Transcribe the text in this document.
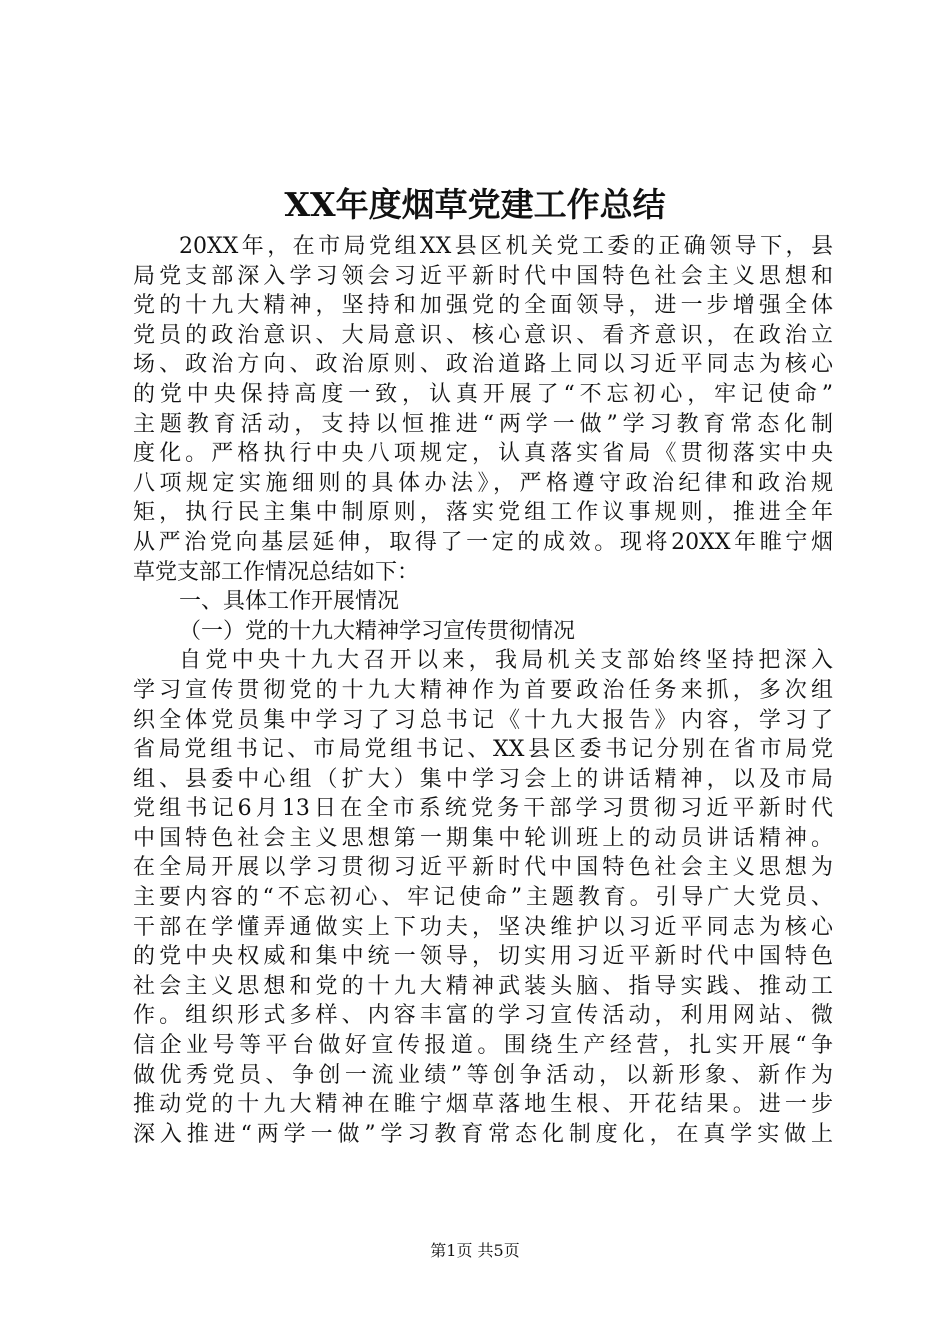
XX年度烟草党建工作总结
20XX年，在市局党组XX县区机关党工委的正确领导下，县
局党支部深入学习领会习近平新时代中国特色社会主义思想和
党的十九大精神，坚持和加强党的全面领导，进一步增强全体
党员的政治意识、大局意识、核心意识、看齐意识，在政治立
场、政治方向、政治原则、政治道路上同以习近平同志为核心
的党中央保持高度一致，认真开展了“不忘初心，牢记使命”
主题教育活动，支持以恒推进“两学一做”学习教育常态化制
度化。严格执行中央八项规定，认真落实省局《贯彻落实中央
八项规定实施细则的具体办法》，严格遵守政治纪律和政治规
矩，执行民主集中制原则，落实党组工作议事规则，推进全年
从严治党向基层延伸，取得了一定的成效。现将20XX年睢宁烟
草党支部工作情况总结如下：
一、具体工作开展情况
（一）党的十九大精神学习宣传贯彻情况
自党中央十九大召开以来，我局机关支部始终坚持把深入
学习宣传贯彻党的十九大精神作为首要政治任务来抓，多次组
织全体党员集中学习了习总书记《十九大报告》内容，学习了
省局党组书记、市局党组书记、XX县区委书记分别在省市局党
组、县委中心组（扩大）集中学习会上的讲话精神，以及市局
党组书记6月13日在全市系统党务干部学习贯彻习近平新时代
中国特色社会主义思想第一期集中轮训班上的动员讲话精神。
在全局开展以学习贯彻习近平新时代中国特色社会主义思想为
主要内容的“不忘初心、牢记使命”主题教育。引导广大党员、
干部在学懂弄通做实上下功夫，坚决维护以习近平同志为核心
的党中央权威和集中统一领导，切实用习近平新时代中国特色
社会主义思想和党的十九大精神武装头脑、指导实践、推动工
作。组织形式多样、内容丰富的学习宣传活动，利用网站、微
信企业号等平台做好宣传报道。围绕生产经营，扎实开展“争
做优秀党员、争创一流业绩”等创争活动，以新形象、新作为
推动党的十九大精神在睢宁烟草落地生根、开花结果。进一步
深入推进“两学一做”学习教育常态化制度化，在真学实做上
第1页 共5页
